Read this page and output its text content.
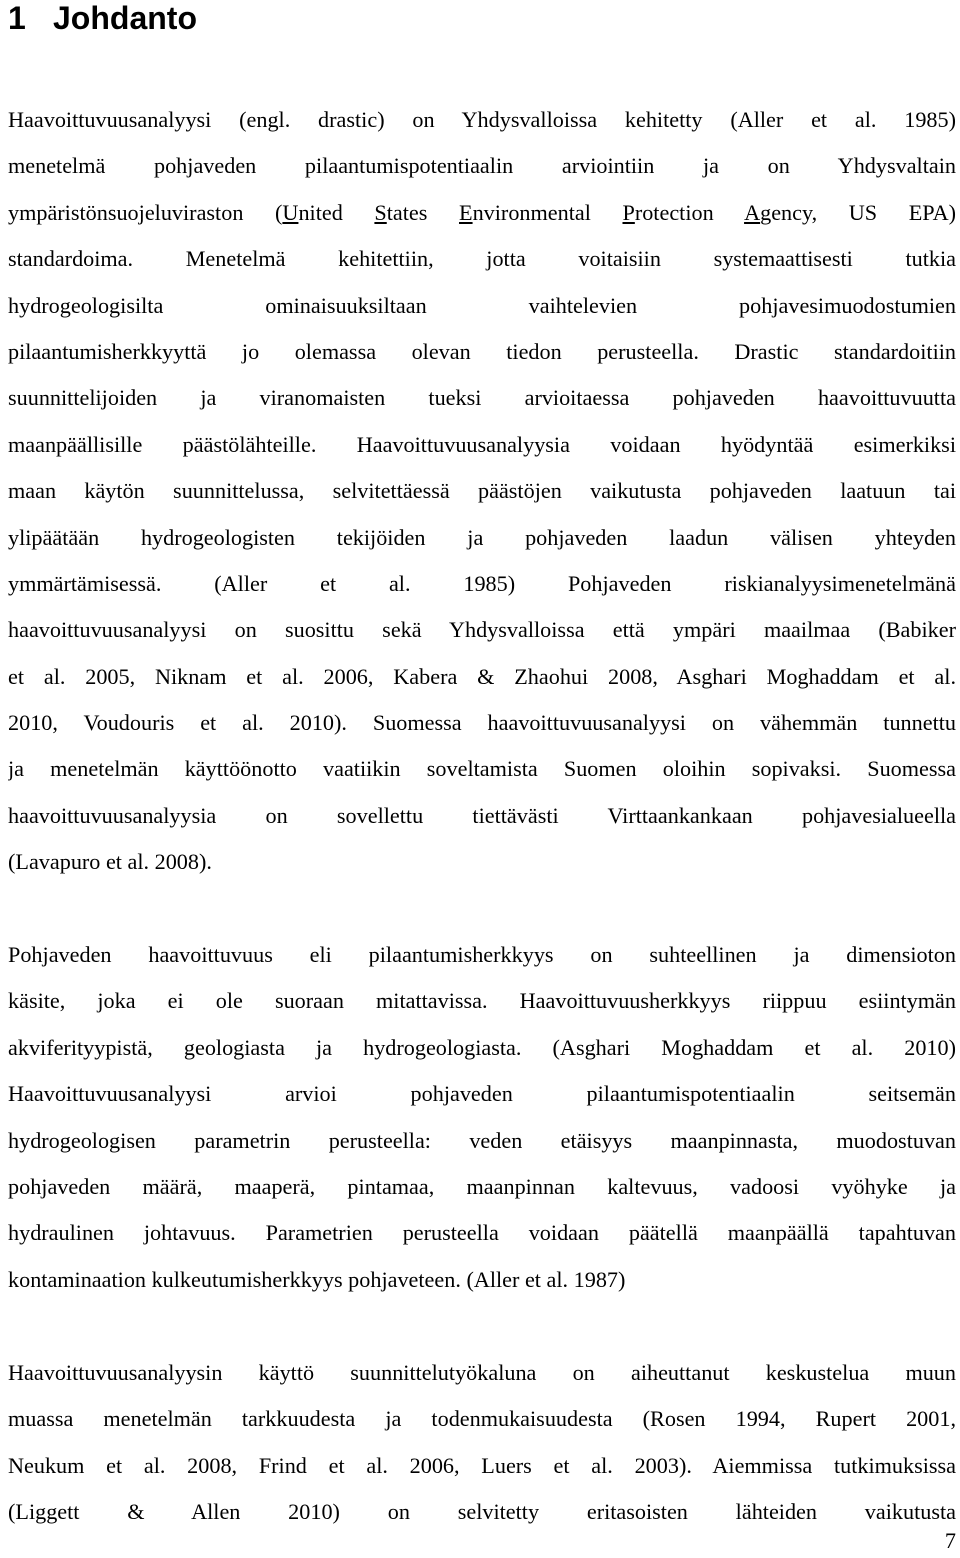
1 Johdanto
Haavoittuvuusanalyysi (engl. drastic) on Yhdysvalloissa kehitetty (Aller et al. 1985)
menetelmä pohjaveden pilaantumispotentiaalin arviointiin ja on Yhdysvaltain
ympäristönsuojeluviraston (United States Environmental Protection Agency, US EPA)
standardoima. Menetelmä kehitettiin, jotta voitaisiin systemaattisesti tutkia
hydrogeologisilta ominaisuuksiltaan vaihtelevien pohjavesimuodostumien
pilaantumisherkkyyttä jo olemassa olevan tiedon perusteella. Drastic standardoitiin
suunnittelijoiden ja viranomaisten tueksi arvioitaessa pohjaveden haavoittuvuutta
maanpäällisille päästölähteille. Haavoittuvuusanalyysia voidaan hyödyntää esimerkiksi
maan käytön suunnittelussa, selvitettäessä päästöjen vaikutusta pohjaveden laatuun tai
ylipäätään hydrogeologisten tekijöiden ja pohjaveden laadun välisen yhteyden
ymmärtämisessä. (Aller et al. 1985) Pohjaveden riskianalyysimenetelmänä
haavoittuvuusanalyysi on suosittu sekä Yhdysvalloissa että ympäri maailmaa (Babiker
et al. 2005, Niknam et al. 2006, Kabera & Zhaohui 2008, Asghari Moghaddam et al.
2010, Voudouris et al. 2010). Suomessa haavoittuvuusanalyysi on vähemmän tunnettu
ja menetelmän käyttöönotto vaatiikin soveltamista Suomen oloihin sopivaksi. Suomessa
haavoittuvuusanalyysia on sovellettu tiettävästi Virttaankankaan pohjavesialueella
(Lavapuro et al. 2008).
Pohjaveden haavoittuvuus eli pilaantumisherkkyys on suhteellinen ja dimensioton
käsite, joka ei ole suoraan mitattavissa. Haavoittuvuusherkkyys riippuu esiintymän
akviferityypistä, geologiasta ja hydrogeologiasta. (Asghari Moghaddam et al. 2010)
Haavoittuvuusanalyysi arvioi pohjaveden pilaantumispotentiaalin seitsemän
hydrogeologisen parametrin perusteella: veden etäisyys maanpinnasta, muodostuvan
pohjaveden määrä, maaperä, pintamaa, maanpinnan kaltevuus, vadoosi vyöhyke ja
hydraulinen johtavuus. Parametrien perusteella voidaan päätellä maanpäällä tapahtuvan
kontaminaation kulkeutumisherkkyys pohjaveteen. (Aller et al. 1987)
Haavoittuvuusanalyysin käyttö suunnittelutyökaluna on aiheuttanut keskustelua muun
muassa menetelmän tarkkuudesta ja todenmukaisuudesta (Rosen 1994, Rupert 2001,
Neukum et al. 2008, Frind et al. 2006, Luers et al. 2003). Aiemmissa tutkimuksissa
(Liggett & Allen 2010) on selvitetty eritasoisten lähteiden vaikutusta
7
